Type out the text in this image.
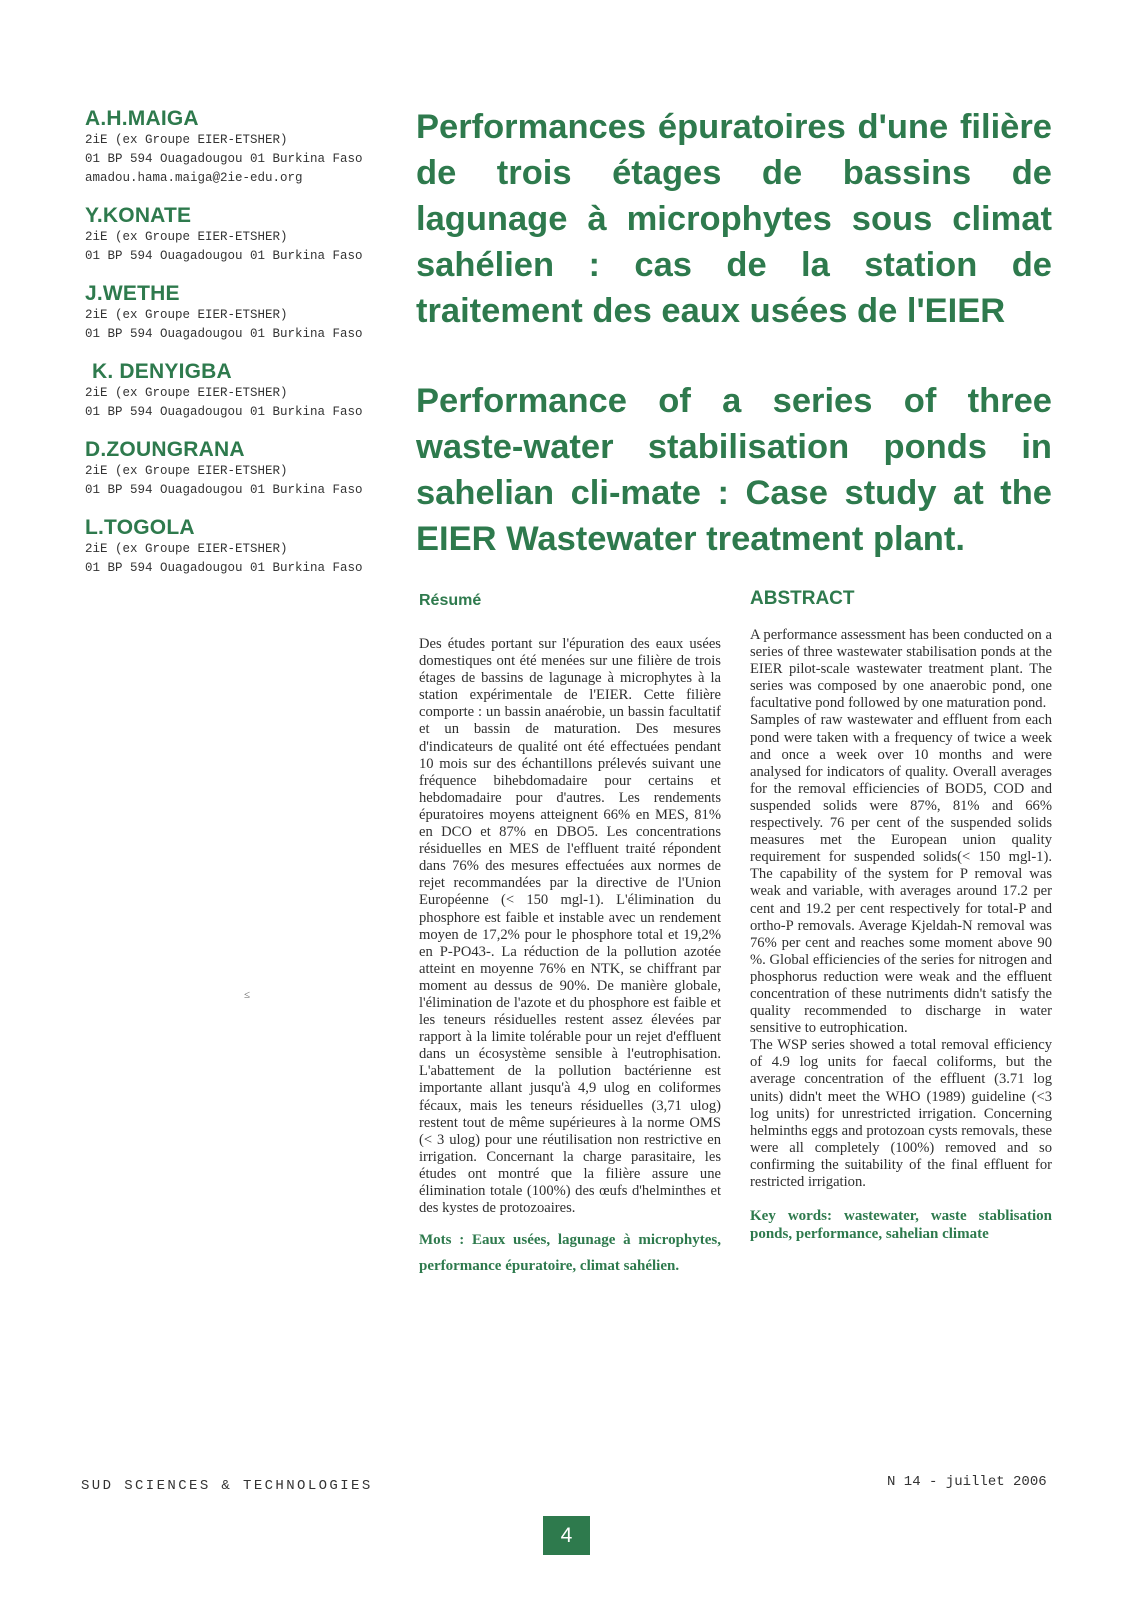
A.H.MAIGA
2iE (ex Groupe EIER-ETSHER)
01 BP 594 Ouagadougou 01 Burkina Faso
amadou.hama.maiga@2ie-edu.org
Y.KONATE
2iE (ex Groupe EIER-ETSHER)
01 BP 594 Ouagadougou 01 Burkina Faso
J.WETHE
2iE (ex Groupe EIER-ETSHER)
01 BP 594 Ouagadougou 01 Burkina Faso
K. DENYIGBA
2iE (ex Groupe EIER-ETSHER)
01 BP 594 Ouagadougou 01 Burkina Faso
D.ZOUNGRANA
2iE (ex Groupe EIER-ETSHER)
01 BP 594 Ouagadougou 01 Burkina Faso
L.TOGOLA
2iE (ex Groupe EIER-ETSHER)
01 BP 594 Ouagadougou 01 Burkina Faso
Performances épuratoires d'une filière de trois étages de bassins de lagunage à microphytes sous climat sahélien : cas de la station de traitement des eaux usées de l'EIER
Performance of a series of three waste-water stabilisation ponds in sahelian cli-mate : Case study at the EIER Wastewater treatment plant.
Résumé

Des études portant sur l'épuration des eaux usées domestiques ont été menées sur une filière de trois étages de bassins de lagunage à microphytes à la station expérimentale de l'EIER. Cette filière comporte : un bassin anaérobie, un bassin facultatif et un bassin de maturation. Des mesures d'indicateurs de qualité ont été effectuées pendant 10 mois sur des échantillons prélevés suivant une fréquence bihebdomadaire pour certains et hebdomadaire pour d'autres. Les rendements épuratoires moyens atteignent 66% en MES, 81% en DCO et 87% en DBO5. Les concentrations résiduelles en MES de l'effluent traité répondent dans 76% des mesures effectuées aux normes de rejet recommandées par la directive de l'Union Européenne (< 150 mgl-1). L'élimination du phosphore est faible et instable avec un rendement moyen de 17,2% pour le phosphore total et 19,2% en P-PO43-. La réduction de la pollution azotée atteint en moyenne 76% en NTK, se chiffrant par moment au dessus de 90%. De manière globale, l'élimination de l'azote et du phosphore est faible et les teneurs résiduelles restent assez élevées par rapport à la limite tolérable pour un rejet d'effluent dans un écosystème sensible à l'eutrophisation. L'abattement de la pollution bactérienne est importante allant jusqu'à 4,9 ulog en coliformes fécaux, mais les teneurs résiduelles (3,71 ulog) restent tout de même supérieures à la norme OMS (< 3 ulog) pour une réutilisation non restrictive en irrigation. Concernant la charge parasitaire, les études ont montré que la filière assure une élimination totale (100%) des œufs d'helminthes et des kystes de protozoaires.

Mots : Eaux usées, lagunage à microphytes, performance épuratoire, climat sahélien.

ABSTRACT

A performance assessment has been conducted on a series of three wastewater stabilisation ponds at the EIER pilot-scale wastewater treatment plant. The series was composed by one anaerobic pond, one facultative pond followed by one maturation pond.

Samples of raw wastewater and effluent from each pond were taken with a frequency of twice a week and once a week over 10 months and were analysed for indicators of quality. Overall averages for the removal efficiencies of BOD5, COD and suspended solids were 87%, 81% and 66% respectively. 76 per cent of the suspended solids measures met the European union quality requirement for suspended solids(< 150 mgl-1). The capability of the system for P removal was weak and variable, with averages around 17.2 per cent and 19.2 per cent respectively for total-P and ortho-P removals. Average Kjeldah-N removal was 76% per cent and reaches some moment above 90 %. Global efficiencies of the series for nitrogen and phosphorus reduction were weak and the effluent concentration of these nutriments didn't satisfy the quality recommended to discharge in water sensitive to eutrophication.

The WSP series showed a total removal efficiency of 4.9 log units for faecal coliforms, but the average concentration of the effluent (3.71 log units) didn't meet the WHO (1989) guideline (<3 log units) for unrestricted irrigation. Concerning helminths eggs and protozoan cysts removals, these were all completely (100%) removed and so confirming the suitability of the final effluent for restricted irrigation.

Key words: wastewater, waste stablisation ponds, performance, sahelian climate

≤
SUD SCIENCES & TECHNOLOGIES	N 14 - juillet 2006
4
